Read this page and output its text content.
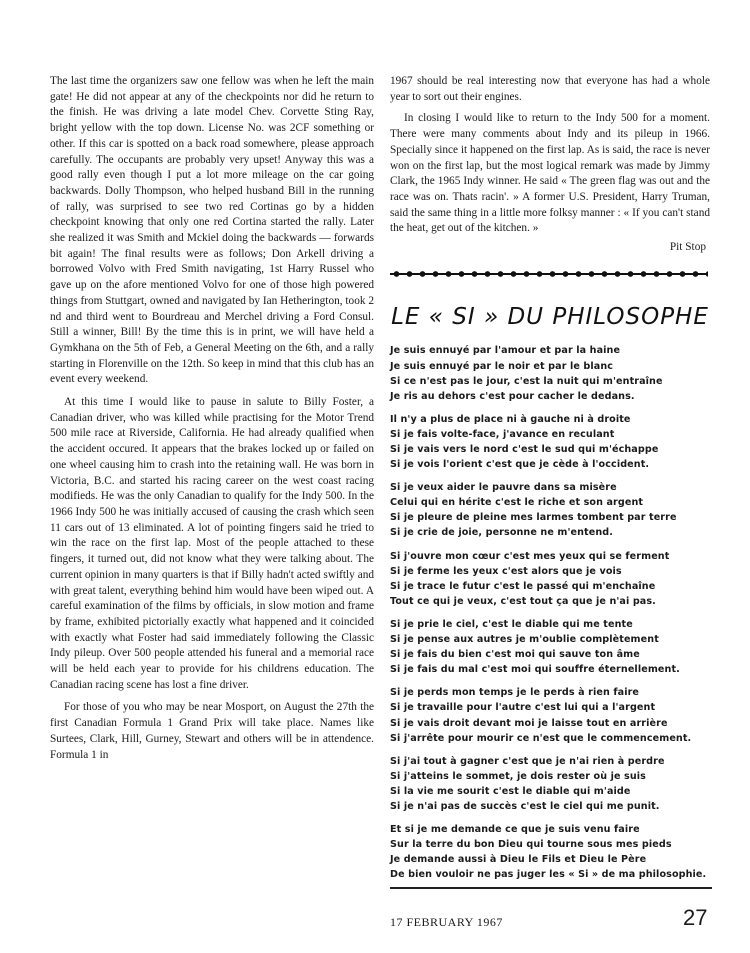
The last time the organizers saw one fellow was when he left the main gate! He did not appear at any of the checkpoints nor did he return to the finish. He was driving a late model Chev. Corvette Sting Ray, bright yellow with the top down. License No. was 2CF something or other. If this car is spotted on a back road somewhere, please approach carefully. The occupants are probably very upset! Anyway this was a good rally even though I put a lot more mileage on the car going backwards. Dolly Thompson, who helped husband Bill in the running of rally, was surprised to see two red Cortinas go by a hidden checkpoint knowing that only one red Cortina started the rally. Later she realized it was Smith and Mckiel doing the backwards — forwards bit again! The final results were as follows; Don Arkell driving a borrowed Volvo with Fred Smith navigating, 1st Harry Russel who gave up on the afore mentioned Volvo for one of those high powered things from Stuttgart, owned and navigated by Ian Hetherington, took 2 nd and third went to Bourdreau and Merchel driving a Ford Consul. Still a winner, Bill! By the time this is in print, we will have held a Gymkhana on the 5th of Feb, a General Meeting on the 6th, and a rally starting in Florenville on the 12th. So keep in mind that this club has an event every weekend.

At this time I would like to pause in salute to Billy Foster, a Canadian driver, who was killed while practising for the Motor Trend 500 mile race at Riverside, California. He had already qualified when the accident occured. It appears that the brakes locked up or failed on one wheel causing him to crash into the retaining wall. He was born in Victoria, B.C. and started his racing career on the west coast racing modifieds. He was the only Canadian to qualify for the Indy 500. In the 1966 Indy 500 he was initially accused of causing the crash which seen 11 cars out of 13 eliminated. A lot of pointing fingers said he tried to win the race on the first lap. Most of the people attached to these fingers, it turned out, did not know what they were talking about. The current opinion in many quarters is that if Billy hadn't acted swiftly and with great talent, everything behind him would have been wiped out. A careful examination of the films by officials, in slow motion and frame by frame, exhibited pictorially exactly what happened and it coincided with exactly what Foster had said immediately following the Classic Indy pileup. Over 500 people attended his funeral and a memorial race will be held each year to provide for his childrens education. The Canadian racing scene has lost a fine driver.

For those of you who may be near Mosport, on August the 27th the first Canadian Formula 1 Grand Prix will take place. Names like Surtees, Clark, Hill, Gurney, Stewart and others will be in attendence. Formula 1 in

1967 should be real interesting now that everyone has had a whole year to sort out their engines.

In closing I would like to return to the Indy 500 for a moment. There were many comments about Indy and its pileup in 1966. Specially since it happened on the first lap. As is said, the race is never won on the first lap, but the most logical remark was made by Jimmy Clark, the 1965 Indy winner. He said « The green flag was out and the race was on. Thats racin'. » A former U.S. President, Harry Truman, said the same thing in a little more folksy manner : « If you can't stand the heat, get out of the kitchen. »

Pit Stop

LE « SI » DU PHILOSOPHE
Je suis ennuyé par l'amour et par la haine
Je suis ennuyé par le noir et par le blanc
Si ce n'est pas le jour, c'est la nuit qui m'entraîne
Je ris au dehors c'est pour cacher le dedans.
Il n'y a plus de place ni à gauche ni à droite
Si je fais volte-face, j'avance en reculant
Si je vais vers le nord c'est le sud qui m'échappe
Si je vois l'orient c'est que je cède à l'occident.
Si je veux aider le pauvre dans sa misère
Celui qui en hérite c'est le riche et son argent
Si je pleure de pleine mes larmes tombent par terre
Si je crie de joie, personne ne m'entend.
Si j'ouvre mon cœur c'est mes yeux qui se ferment
Si je ferme les yeux c'est alors que je vois
Si je trace le futur c'est le passé qui m'enchaîne
Tout ce qui je veux, c'est tout ça que je n'ai pas.
Si je prie le ciel, c'est le diable qui me tente
Si je pense aux autres je m'oublie complètement
Si je fais du bien c'est moi qui sauve ton âme
Si je fais du mal c'est moi qui souffre éternellement.
Si je perds mon temps je le perds à rien faire
Si je travaille pour l'autre c'est lui qui a l'argent
Si je vais droit devant moi je laisse tout en arrière
Si j'arrête pour mourir ce n'est que le commencement.
Si j'ai tout à gagner c'est que je n'ai rien à perdre
Si j'atteins le sommet, je dois rester où je suis
Si la vie me sourit c'est le diable qui m'aide
Si je n'ai pas de succès c'est le ciel qui me punit.
Et si je me demande ce que je suis venu faire
Sur la terre du bon Dieu qui tourne sous mes pieds
Je demande aussi à Dieu le Fils et Dieu le Père
De bien vouloir ne pas juger les « Si » de ma philosophie.
17 FEBRUARY 1967	27
